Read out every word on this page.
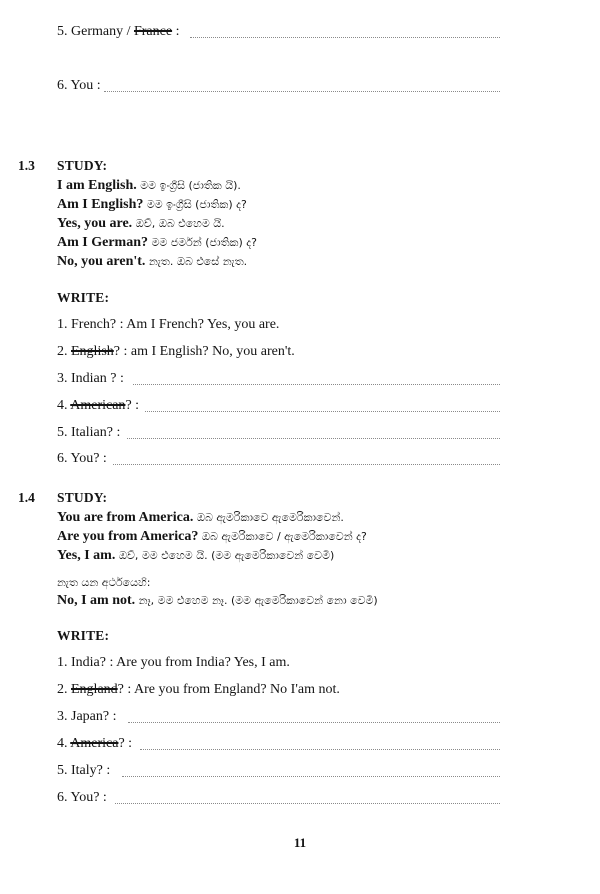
5. Germany / France :
6. You :
1.3 STUDY:
I am English. මම ඉංග්‍රීසි (ජාතික යි).
Am I English? මම ඉංග්‍රීසි (ජාතික) ද?
Yes, you are. ඔව්, ඔබ එහෙම යි.
Am I German? මම ජර්මන් (ජාතික) ද?
No, you aren't. නැත. ඔබ එසේ නැත.
WRITE:
1. French? : Am I French? Yes, you are.
2. English? : am I English? No, you aren't.
3. Indian ? :
4. American? :
5. Italian? :
6. You? :
1.4 STUDY:
You are from America. ඔබ ඇමරිකාවෙ ඇමෙරිකාවෙන්.
Are you from America? ඔබ ඇමරිකාවෙ / ඇමෙරිකාවෙන් ද?
Yes, I am. ඔව්, මම එහෙම යි. (මම ඇමෙරිකාවෙන් වෙමි)
නැත යන අර්ථයෙහි:
No, I am not. නෑ, මම එහෙම නෑ. (මම ඇමෙරිකාවෙන් නො වෙමි)
WRITE:
1. India? : Are you from India? Yes, I am.
2. England? : Are you from England? No I'am not.
3. Japan? :
4. America? :
5. Italy? :
6. You? :
11
